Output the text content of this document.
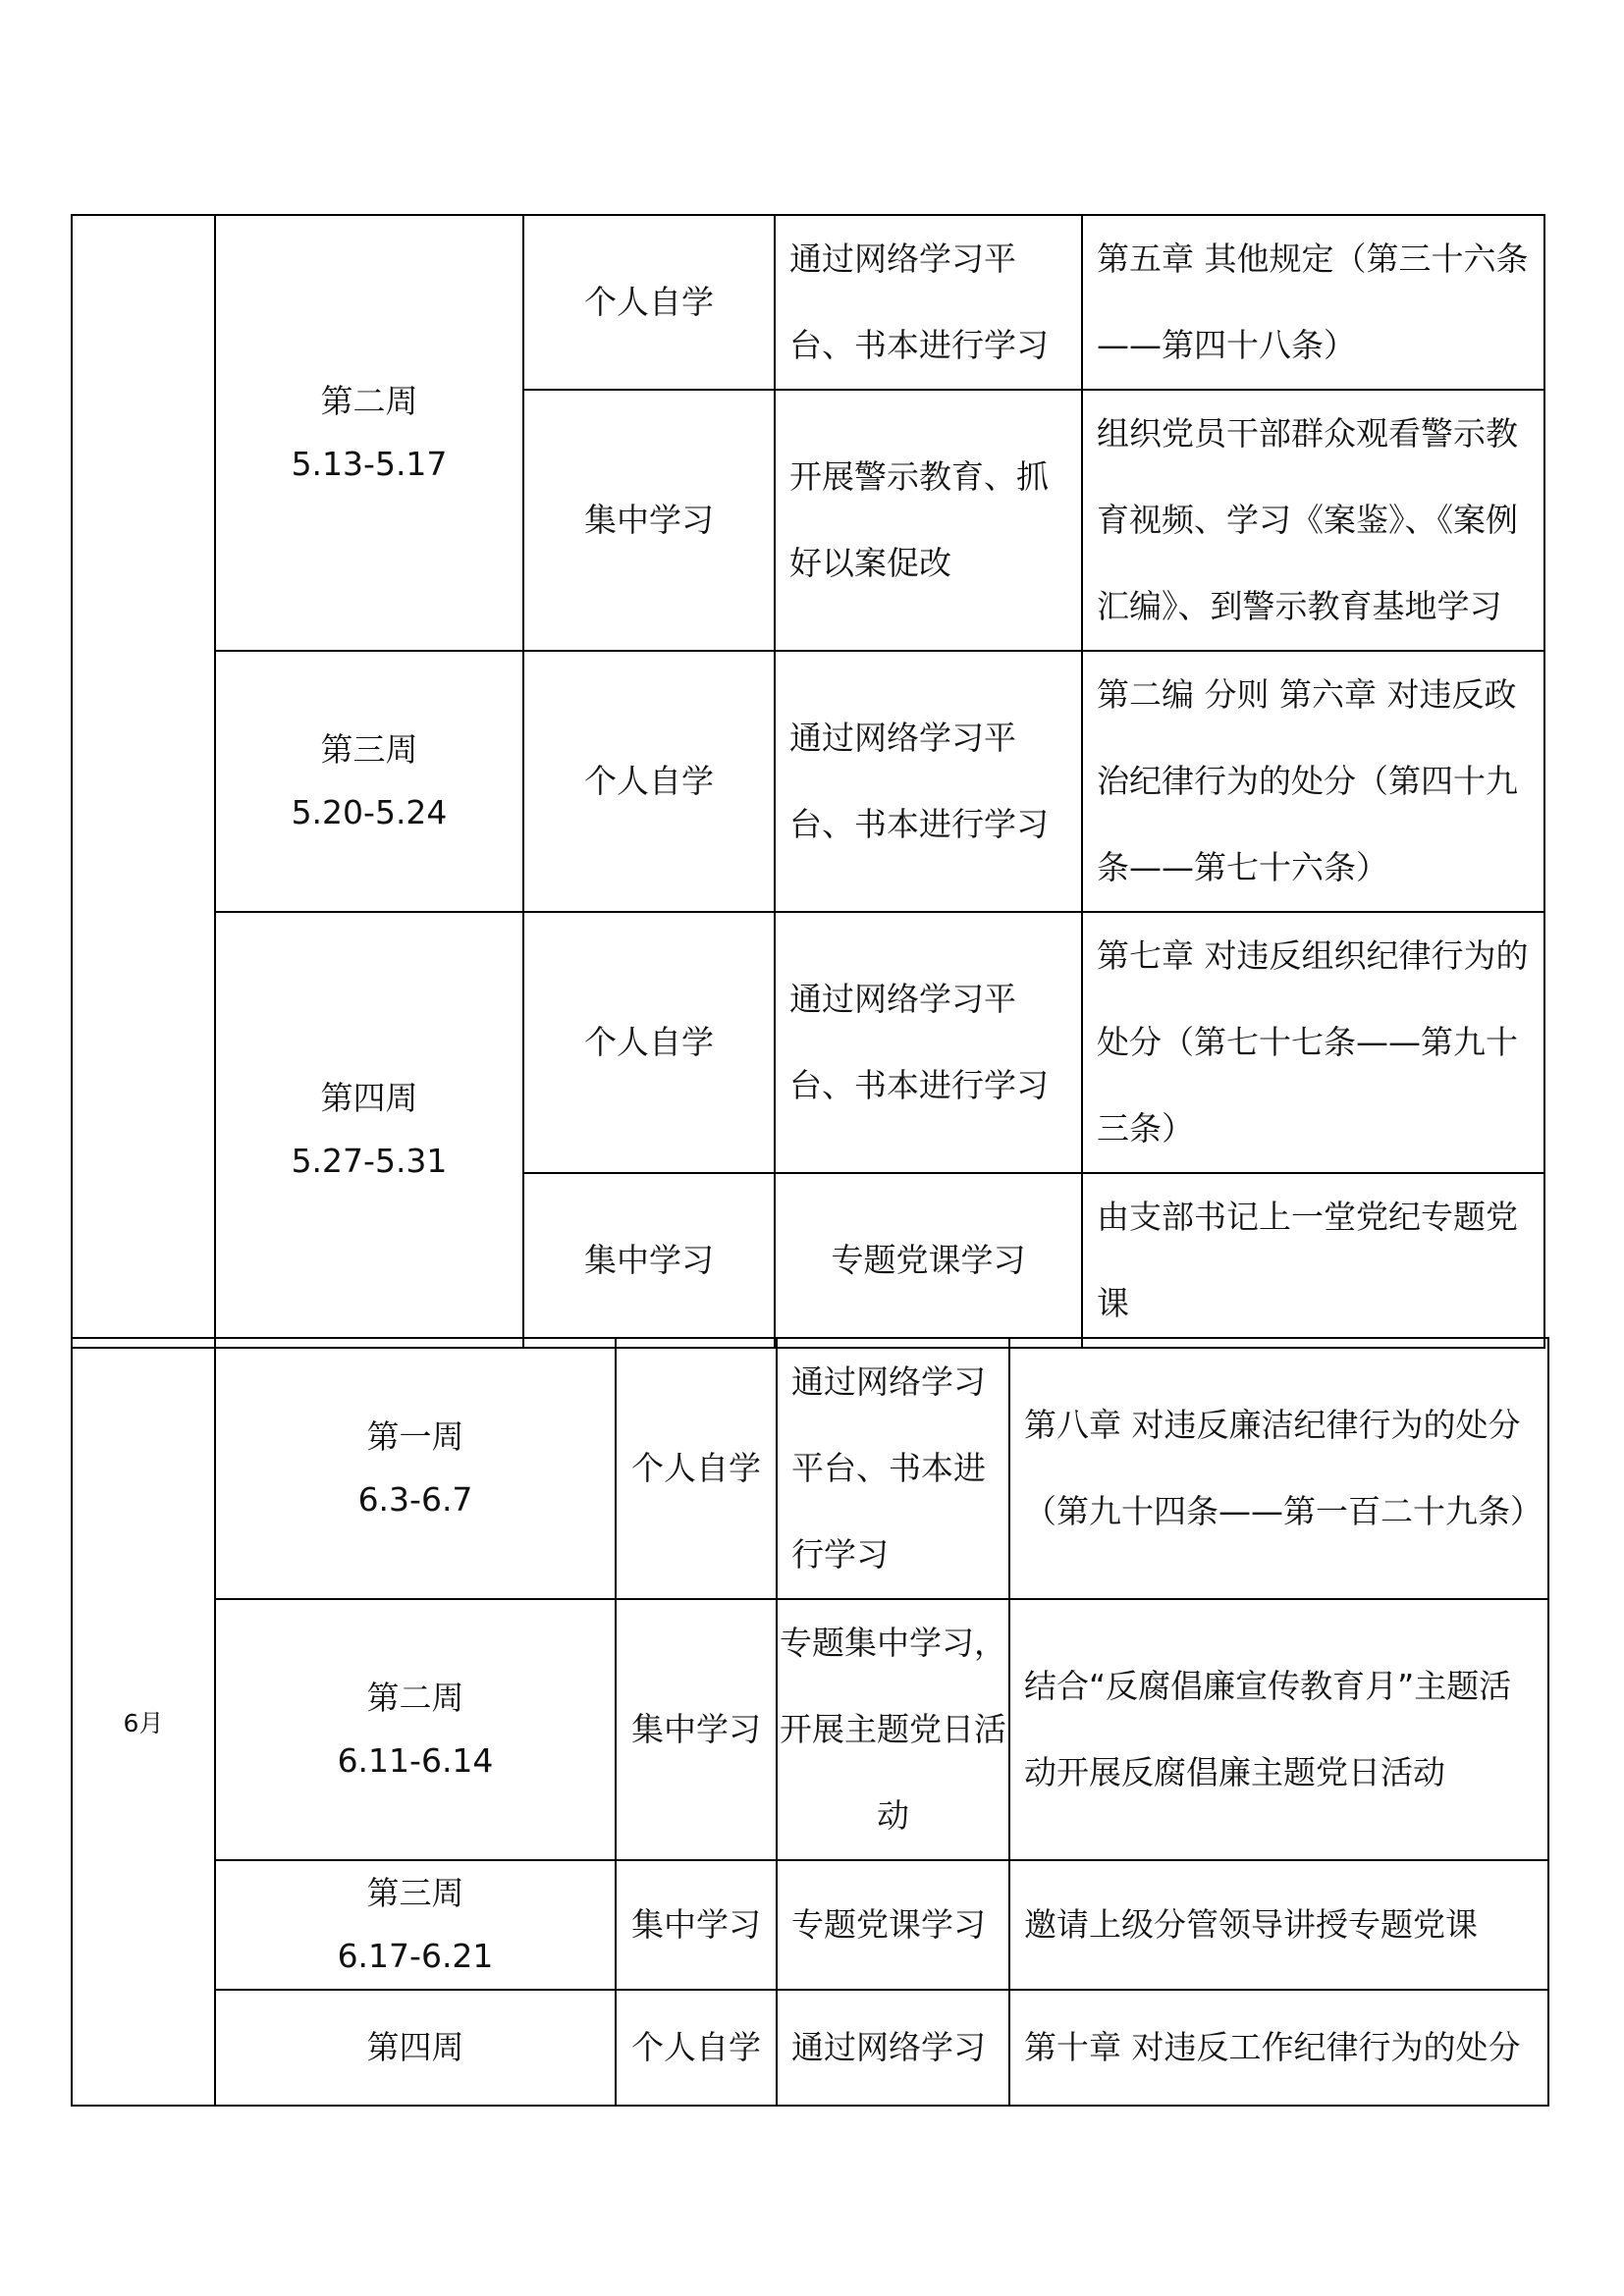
	第二周
5.13-5.17	个人自学	通过网络学习平台、书本进行学习	第五章 其他规定（第三十六条——第四十八条）
		集中学习	开展警示教育、抓好以案促改	组织党员干部群众观看警示教育视频、学习《案鉴》、《案例汇编》、到警示教育基地学习

	第三周
5.20-5.24	个人自学	通过网络学习平台、书本进行学习	第二编 分则 第六章 对违反政治纪律行为的处分（第四十九条——第七十六条）

	第四周
5.27-5.31	个人自学	通过网络学习平台、书本进行学习	第七章 对违反组织纪律行为的处分（第七十七条——第九十三条）
		集中学习	专题党课学习	由支部书记上一堂党纪专题党课
6月	第一周
6.3-6.7	个人自学	通过网络学习平台、书本进行学习	第八章 对违反廉洁纪律行为的处分（第九十四条——第一百二十九条）

	第二周
6.11-6.14	集中学习	专题集中学习，开展主题党日活动	结合“反腐倡廉宣传教育月”主题活动开展反腐倡廉主题党日活动

	第三周
6.17-6.21	集中学习	专题党课学习	邀请上级分管领导讲授专题党课

	第四周	个人自学	通过网络学习	第十章 对违反工作纪律行为的处分
